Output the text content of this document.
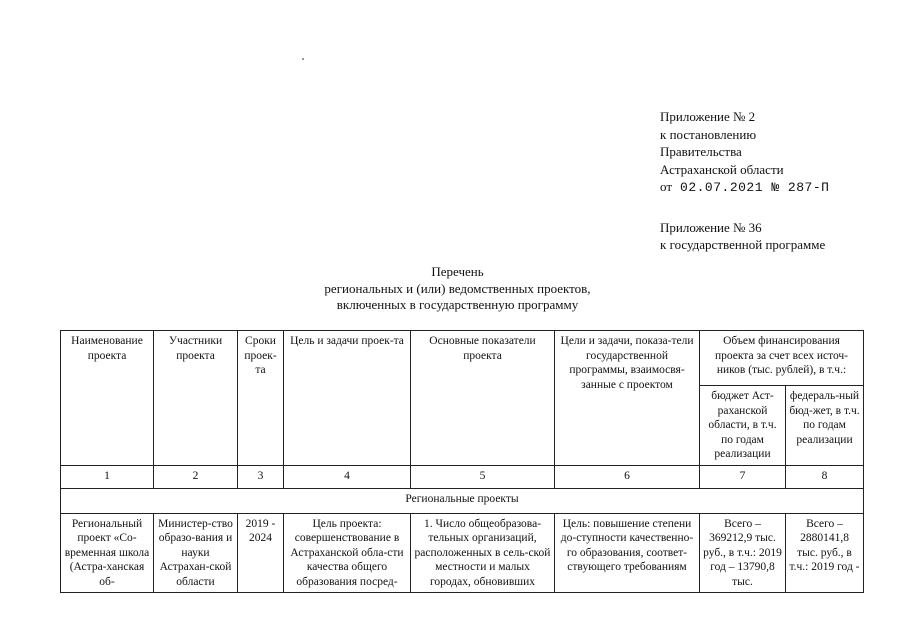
Приложение № 2
к постановлению
Правительства
Астраханской области
от 02.07.2021 № 287-П
Приложение № 36
к государственной программе
Перечень
региональных и (или) ведомственных проектов,
включенных в государственную программу
Наименование проекта	Участники проекта	Сроки проек-та	Цель и задачи проек-та	Основные показатели проекта	Цели и задачи, показа-тели государственной программы, взаимосвя-занные с проектом	Объем финансирования проекта за счет всех источ-ников (тыс. рублей), в т.ч.:	
						бюджет Аст-раханской области, в т.ч. по годам реализации	федераль-ный бюд-жет, в т.ч. по годам реализации
1	2	3	4	5	6	7	8
Региональные проекты							
Региональный проект «Со-временная школа (Астра-ханская об-	Министер-ство образо-вания и науки Астрахан-ской области	2019 - 2024	Цель проекта: совершенствование в Астраханской обла-сти качества общего образования посред-	1. Число общеобразова-тельных организаций, расположенных в сель-ской местности и малых городах, обновивших	Цель: повышение степени до-ступности качественно-го образования, соответ-ствующего требованиям	Всего – 369212,9 тыс. руб., в т.ч.: 2019 год – 13790,8 тыс.	Всего – 2880141,8 тыс. руб., в т.ч.: 2019 год -
